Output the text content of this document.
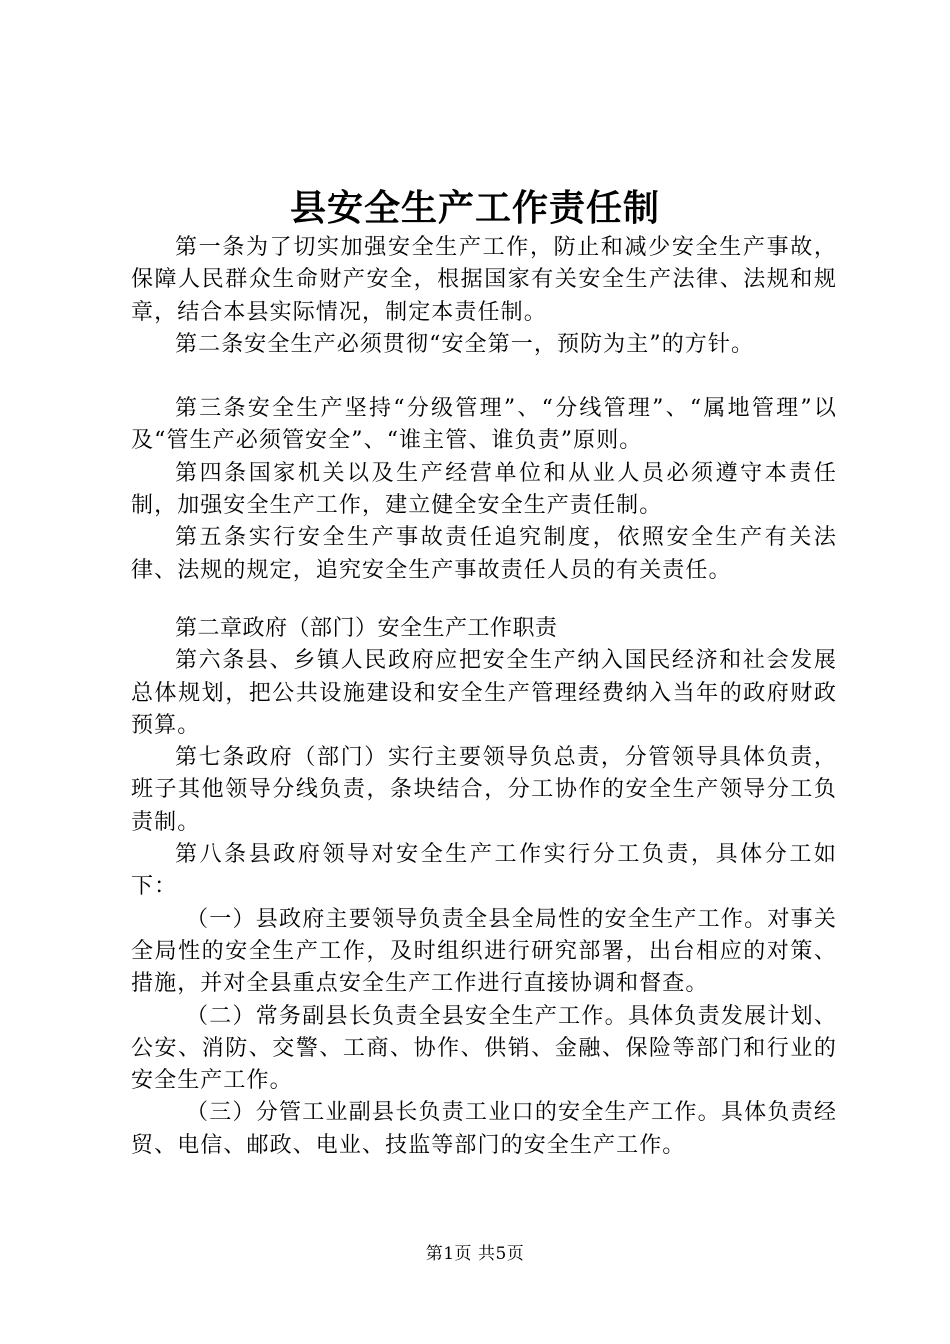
县安全生产工作责任制

第一条为了切实加强安全生产工作，防止和减少安全生产事故，保障人民群众生命财产安全，根据国家有关安全生产法律、法规和规章，结合本县实际情况，制定本责任制。

第二条安全生产必须贯彻“安全第一，预防为主”的方针。

第三条安全生产坚持“分级管理”、“分线管理”、“属地管理”以及“管生产必须管安全”、“谁主管、谁负责”原则。

第四条国家机关以及生产经营单位和从业人员必须遵守本责任制，加强安全生产工作，建立健全安全生产责任制。

第五条实行安全生产事故责任追究制度，依照安全生产有关法律、法规的规定，追究安全生产事故责任人员的有关责任。

第二章政府（部门）安全生产工作职责

第六条县、乡镇人民政府应把安全生产纳入国民经济和社会发展总体规划，把公共设施建设和安全生产管理经费纳入当年的政府财政预算。

第七条政府（部门）实行主要领导负总责，分管领导具体负责，班子其他领导分线负责，条块结合，分工协作的安全生产领导分工负责制。

第八条县政府领导对安全生产工作实行分工负责，具体分工如下：

（一）县政府主要领导负责全县全局性的安全生产工作。对事关全局性的安全生产工作，及时组织进行研究部署，出台相应的对策、措施，并对全县重点安全生产工作进行直接协调和督查。

（二）常务副县长负责全县安全生产工作。具体负责发展计划、公安、消防、交警、工商、协作、供销、金融、保险等部门和行业的安全生产工作。

（三）分管工业副县长负责工业口的安全生产工作。具体负责经贸、电信、邮政、电业、技监等部门的安全生产工作。

第1页 共5页
